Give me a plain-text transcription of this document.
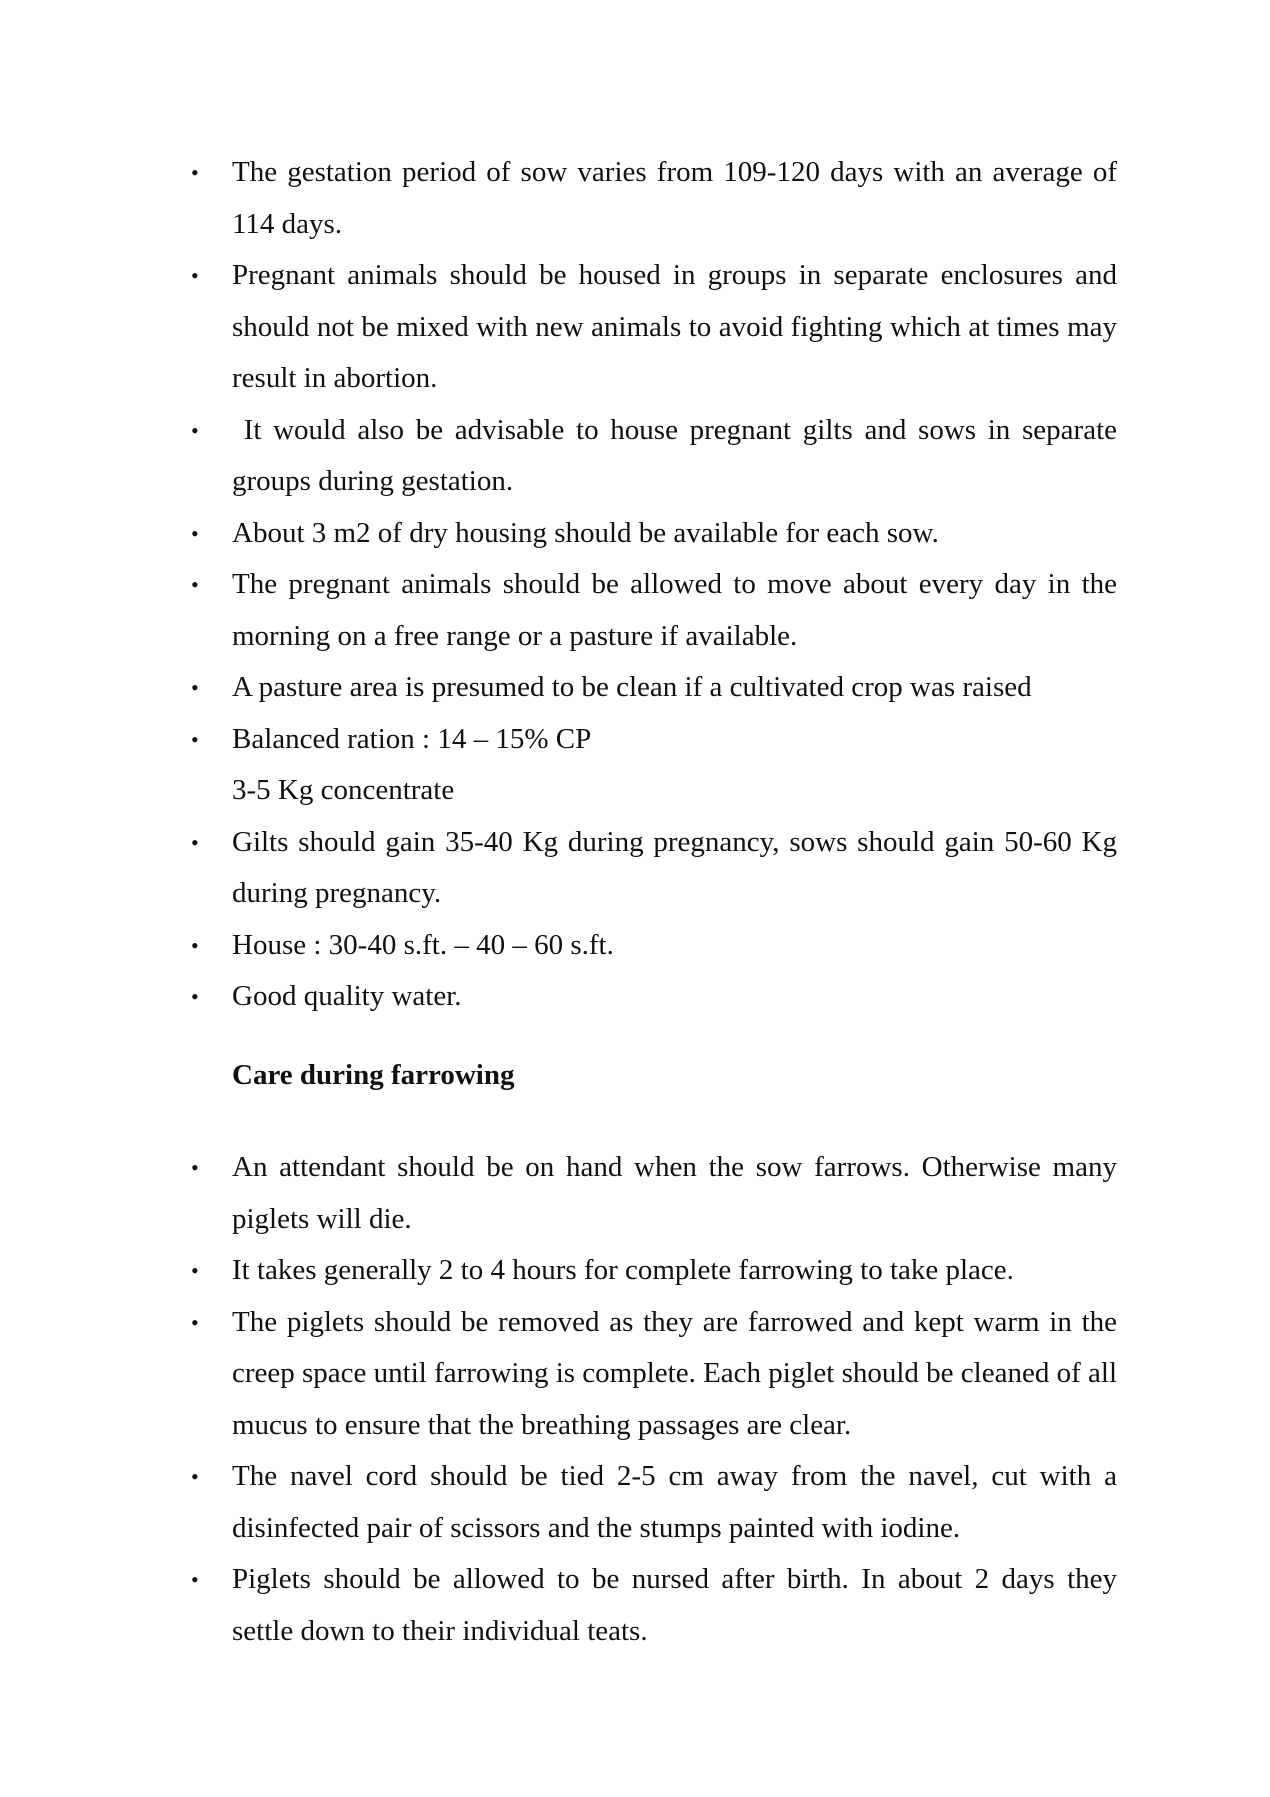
• The gestation period of sow varies from 109-120 days with an average of 114 days.
• Pregnant animals should be housed in groups in separate enclosures and should not be mixed with new animals to avoid fighting which at times may result in abortion.
• It would also be advisable to house pregnant gilts and sows in separate groups during gestation.
• About 3 m2 of dry housing should be available for each sow.
• The pregnant animals should be allowed to move about every day in the morning on a free range or a pasture if available.
• A pasture area is presumed to be clean if a cultivated crop was raised
• Balanced ration : 14 – 15% CP
3-5 Kg concentrate
• Gilts should gain 35-40 Kg during pregnancy, sows should gain 50-60 Kg during pregnancy.
• House : 30-40 s.ft. – 40 – 60 s.ft.
• Good quality water.
Care during farrowing
• An attendant should be on hand when the sow farrows. Otherwise many piglets will die.
• It takes generally 2 to 4 hours for complete farrowing to take place.
• The piglets should be removed as they are farrowed and kept warm in the creep space until farrowing is complete. Each piglet should be cleaned of all mucus to ensure that the breathing passages are clear.
• The navel cord should be tied 2-5 cm away from the navel, cut with a disinfected pair of scissors and the stumps painted with iodine.
• Piglets should be allowed to be nursed after birth. In about 2 days they settle down to their individual teats.
